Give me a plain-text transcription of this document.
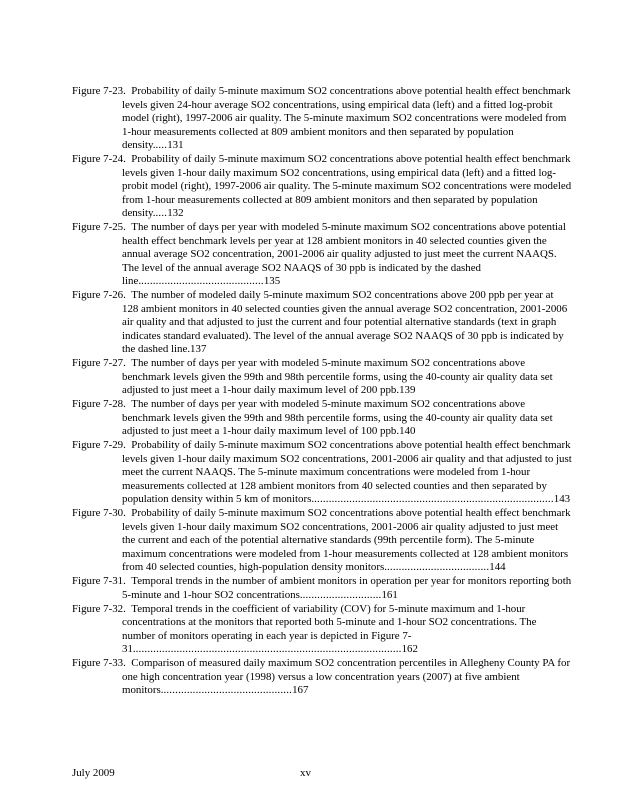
Figure 7-23. Probability of daily 5-minute maximum SO2 concentrations above potential health effect benchmark levels given 24-hour average SO2 concentrations, using empirical data (left) and a fitted log-probit model (right), 1997-2006 air quality. The 5-minute maximum SO2 concentrations were modeled from 1-hour measurements collected at 809 ambient monitors and then separated by population density.....131

Figure 7-24. Probability of daily 5-minute maximum SO2 concentrations above potential health effect benchmark levels given 1-hour daily maximum SO2 concentrations, using empirical data (left) and a fitted log-probit model (right), 1997-2006 air quality. The 5-minute maximum SO2 concentrations were modeled from 1-hour measurements collected at 809 ambient monitors and then separated by population density.....132

Figure 7-25. The number of days per year with modeled 5-minute maximum SO2 concentrations above potential health effect benchmark levels per year at 128 ambient monitors in 40 selected counties given the annual average SO2 concentration, 2001-2006 air quality adjusted to just meet the current NAAQS. The level of the annual average SO2 NAAQS of 30 ppb is indicated by the dashed line...........................................135

Figure 7-26. The number of modeled daily 5-minute maximum SO2 concentrations above 200 ppb per year at 128 ambient monitors in 40 selected counties given the annual average SO2 concentration, 2001-2006 air quality and that adjusted to just the current and four potential alternative standards (text in graph indicates standard evaluated). The level of the annual average SO2 NAAQS of 30 ppb is indicated by the dashed line.137

Figure 7-27. The number of days per year with modeled 5-minute maximum SO2 concentrations above benchmark levels given the 99th and 98th percentile forms, using the 40-county air quality data set adjusted to just meet a 1-hour daily maximum level of 200 ppb.139

Figure 7-28. The number of days per year with modeled 5-minute maximum SO2 concentrations above benchmark levels given the 99th and 98th percentile forms, using the 40-county air quality data set adjusted to just meet a 1-hour daily maximum level of 100 ppb.140

Figure 7-29. Probability of daily 5-minute maximum SO2 concentrations above potential health effect benchmark levels given 1-hour daily maximum SO2 concentrations, 2001-2006 air quality and that adjusted to just meet the current NAAQS. The 5-minute maximum concentrations were modeled from 1-hour measurements collected at 128 ambient monitors from 40 selected counties and then separated by population density within 5 km of monitors...................................................................................143

Figure 7-30. Probability of daily 5-minute maximum SO2 concentrations above potential health effect benchmark levels given 1-hour daily maximum SO2 concentrations, 2001-2006 air quality adjusted to just meet the current and each of the potential alternative standards (99th percentile form). The 5-minute maximum concentrations were modeled from 1-hour measurements collected at 128 ambient monitors from 40 selected counties, high-population density monitors....................................144

Figure 7-31. Temporal trends in the number of ambient monitors in operation per year for monitors reporting both 5-minute and 1-hour SO2 concentrations............................161

Figure 7-32. Temporal trends in the coefficient of variability (COV) for 5-minute maximum and 1-hour concentrations at the monitors that reported both 5-minute and 1-hour SO2 concentrations. The number of monitors operating in each year is depicted in Figure 7-31............................................................................................162

Figure 7-33. Comparison of measured daily maximum SO2 concentration percentiles in Allegheny County PA for one high concentration year (1998) versus a low concentration years (2007) at five ambient monitors.............................................167

July 2009	xv
